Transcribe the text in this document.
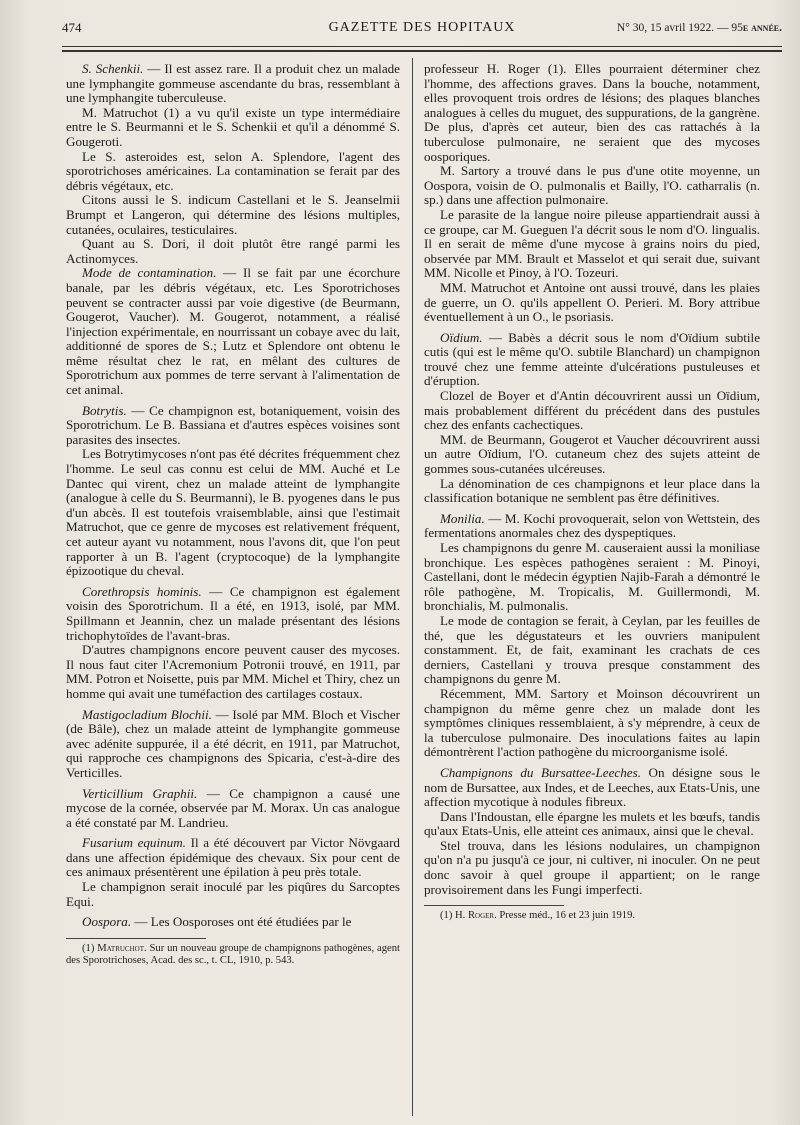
474	GAZETTE DES HOPITAUX	N° 30, 15 avril 1922. — 95e année.

S. Schenkii. — Il est assez rare. Il a produit chez un malade une lymphangite gommeuse ascendante du bras, ressemblant à une lymphangite tuberculeuse.

M. Matruchot (1) a vu qu'il existe un type intermédiaire entre le S. Beurmanni et le S. Schenkii et qu'il a dénommé S. Gougeroti.

Le S. asteroides est, selon A. Splendore, l'agent des sporotrichoses américaines. La contamination se ferait par des débris végétaux, etc.

Citons aussi le S. indicum Castellani et le S. Jeanselmii Brumpt et Langeron, qui détermine des lésions multiples, cutanées, oculaires, testiculaires.

Quant au S. Dori, il doit plutôt être rangé parmi les Actinomyces.

Mode de contamination. — Il se fait par une écorchure banale, par les débris végétaux, etc. Les Sporotrichoses peuvent se contracter aussi par voie digestive (de Beurmann, Gougerot, Vaucher). M. Gougerot, notamment, a réalisé l'injection expérimentale, en nourrissant un cobaye avec du lait, additionné de spores de S.; Lutz et Splendore ont obtenu le même résultat chez le rat, en mêlant des cultures de Sporotrichum aux pommes de terre servant à l'alimentation de cet animal.

Botrytis. — Ce champignon est, botaniquement, voisin des Sporotrichum. Le B. Bassiana et d'autres espèces voisines sont parasites des insectes.

Les Botrytimycoses n'ont pas été décrites fréquemment chez l'homme. Le seul cas connu est celui de MM. Auché et Le Dantec qui virent, chez un malade atteint de lymphangite (analogue à celle du S. Beurmanni), le B. pyogenes dans le pus d'un abcès. Il est toutefois vraisemblable, ainsi que l'estimait Matruchot, que ce genre de mycoses est relativement fréquent, cet auteur ayant vu notamment, nous l'avons dit, que l'on peut rapporter à un B. l'agent (cryptocoque) de la lymphangite épizootique du cheval.

Corethropsis hominis. — Ce champignon est également voisin des Sporotrichum. Il a été, en 1913, isolé, par MM. Spillmann et Jeannin, chez un malade présentant des lésions trichophytoïdes de l'avant-bras.

D'autres champignons encore peuvent causer des mycoses. Il nous faut citer l'Acremonium Potronii trouvé, en 1911, par MM. Potron et Noisette, puis par MM. Michel et Thiry, chez un homme qui avait une tuméfaction des cartilages costaux.

Mastigocladium Blochii. — Isolé par MM. Bloch et Vischer (de Bâle), chez un malade atteint de lymphangite gommeuse avec adénite suppurée, il a été décrit, en 1911, par Matruchot, qui rapproche ces champignons des Spicaria, c'est-à-dire des Verticilles.

Verticillium Graphii. — Ce champignon a causé une mycose de la cornée, observée par M. Morax. Un cas analogue a été constaté par M. Landrieu.

Fusarium equinum. Il a été découvert par Victor Növgaard dans une affection épidémique des chevaux. Six pour cent de ces animaux présentèrent une épilation à peu près totale.

Le champignon serait inoculé par les piqûres du Sarcoptes Equi.

Oospora. — Les Oosporoses ont été étudiées par le

(1) Matruchot. Sur un nouveau groupe de champignons pathogènes, agent des Sporotrichoses, Acad. des sc., t. CL, 1910, p. 543.

professeur H. Roger (1). Elles pourraient déterminer chez l'homme, des affections graves. Dans la bouche, notamment, elles provoquent trois ordres de lésions; des plaques blanches analogues à celles du muguet, des suppurations, de la gangrène. De plus, d'après cet auteur, bien des cas rattachés à la tuberculose pulmonaire, ne seraient que des mycoses oosporiques.

M. Sartory a trouvé dans le pus d'une otite moyenne, un Oospora, voisin de O. pulmonalis et Bailly, l'O. catharralis (n. sp.) dans une affection pulmonaire.

Le parasite de la langue noire pileuse appartiendrait aussi à ce groupe, car M. Gueguen l'a décrit sous le nom d'O. lingualis. Il en serait de même d'une mycose à grains noirs du pied, observée par MM. Brault et Masselot et qui serait due, suivant MM. Nicolle et Pinoy, à l'O. Tozeuri.

MM. Matruchot et Antoine ont aussi trouvé, dans les plaies de guerre, un O. qu'ils appellent O. Perieri. M. Bory attribue éventuellement à un O., le psoriasis.

Oïdium. — Babès a décrit sous le nom d'Oïdium subtile cutis (qui est le même qu'O. subtile Blanchard) un champignon trouvé chez une femme atteinte d'ulcérations pustuleuses et d'éruption.

Clozel de Boyer et d'Antin découvrirent aussi un Oïdium, mais probablement différent du précédent dans des pustules chez des enfants cachectiques.

MM. de Beurmann, Gougerot et Vaucher découvrirent aussi un autre Oïdium, l'O. cutaneum chez des sujets atteint de gommes sous-cutanées ulcéreuses.

La dénomination de ces champignons et leur place dans la classification botanique ne semblent pas être définitives.

Monilia. — M. Kochi provoquerait, selon von Wettstein, des fermentations anormales chez des dyspeptiques.

Les champignons du genre M. causeraient aussi la moniliase bronchique. Les espèces pathogènes seraient : M. Pinoyi, Castellani, dont le médecin égyptien Najib-Farah a démontré le rôle pathogène, M. Tropicalis, M. Guillermondi, M. bronchialis, M. pulmonalis.

Le mode de contagion se ferait, à Ceylan, par les feuilles de thé, que les dégustateurs et les ouvriers manipulent constamment. Et, de fait, examinant les crachats de ces derniers, Castellani y trouva presque constamment des champignons du genre M.

Récemment, MM. Sartory et Moinson découvrirent un champignon du même genre chez un malade dont les symptômes cliniques ressemblaient, à s'y méprendre, à ceux de la tuberculose pulmonaire. Des inoculations faites au lapin démontrèrent l'action pathogène du microorganisme isolé.

Champignons du Bursattee-Leeches. On désigne sous le nom de Bursattee, aux Indes, et de Leeches, aux Etats-Unis, une affection mycotique à nodules fibreux.

Dans l'Indoustan, elle épargne les mulets et les bœufs, tandis qu'aux Etats-Unis, elle atteint ces animaux, ainsi que le cheval.

Stel trouva, dans les lésions nodulaires, un champignon qu'on n'a pu jusqu'à ce jour, ni cultiver, ni inoculer. On ne peut donc savoir à quel groupe il appartient; on le range provisoirement dans les Fungi imperfecti.

(1) H. Roger. Presse méd., 16 et 23 juin 1919.
